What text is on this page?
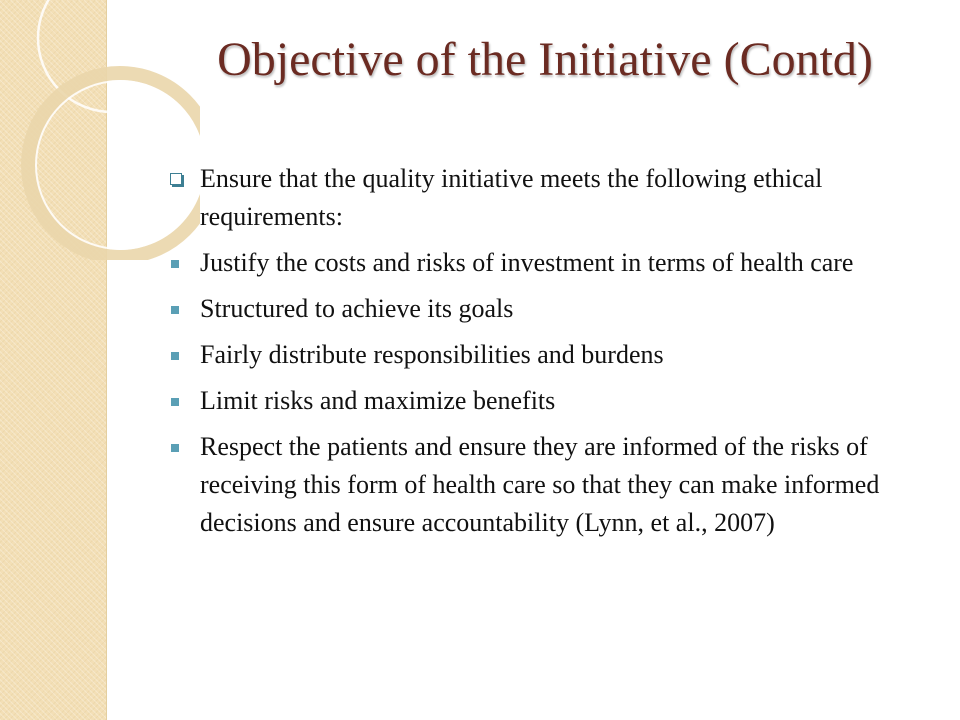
Objective of the Initiative (Contd)
Ensure that the quality initiative meets the following ethical requirements:
Justify the costs and risks of investment in terms of health care
Structured to achieve its goals
Fairly distribute responsibilities and burdens
Limit risks and maximize benefits
Respect the patients and ensure they are informed of the risks of receiving this form of health care so that they can make informed decisions and ensure accountability (Lynn, et al., 2007)
